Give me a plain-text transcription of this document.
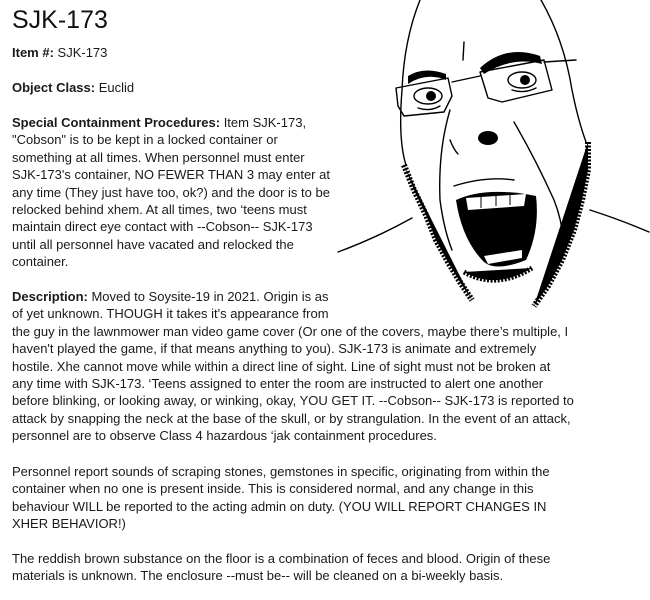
SJK-173

Item #: SJK-173

Object Class: Euclid

Special Containment Procedures: Item SJK-173, "Cobson" is to be kept in a locked container or something at all times. When personnel must enter SJK-173's container, NO FEWER THAN 3 may enter at any time (They just have too, ok?) and the door is to be relocked behind xhem. At all times, two ‘teens must maintain direct eye contact with --Cobson-- SJK-173 until all personnel have vacated and relocked the container.

Description: Moved to Soysite-19 in 2021. Origin is as of yet unknown. THOUGH it takes it's appearance from the guy in the lawnmower man video game cover (Or one of the covers, maybe there’s multiple, I haven't played the game, if that means anything to you). SJK-173 is animate and extremely hostile. Xhe cannot move while within a direct line of sight. Line of sight must not be broken at any time with SJK-173. ‘Teens assigned to enter the room are instructed to alert one another before blinking, or looking away, or winking, okay, YOU GET IT. --Cobson-- SJK-173 is reported to attack by snapping the neck at the base of the skull, or by strangulation. In the event of an attack, personnel are to observe Class 4 hazardous ‘jak containment procedures.

Personnel report sounds of scraping stones, gemstones in specific, originating from within the container when no one is present inside. This is considered normal, and any change in this behaviour WILL be reported to the acting admin on duty. (YOU WILL REPORT CHANGES IN XHER BEHAVIOR!)

The reddish brown substance on the floor is a combination of feces and blood. Origin of these materials is unknown. The enclosure --must be-- will be cleaned on a bi-weekly basis.
